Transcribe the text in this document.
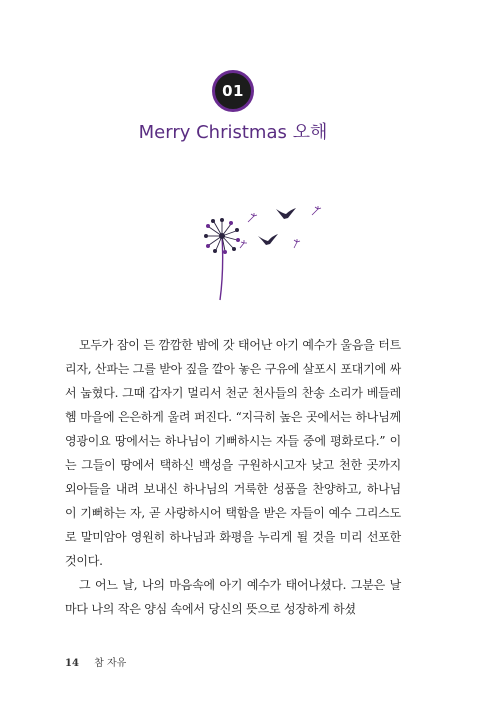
01
Merry Christmas 오해

모두가 잠이 든 깜깜한 밤에 갓 태어난 아기 예수가 울음을 터트리자, 산파는 그를 받아 짚을 깔아 놓은 구유에 살포시 포대기에 싸서 눕혔다. 그때 갑자기 멀리서 천군 천사들의 찬송 소리가 베들레헴 마을에 은은하게 울려 퍼진다. “지극히 높은 곳에서는 하나님께 영광이요 땅에서는 하나님이 기뻐하시는 자들 중에 평화로다.” 이는 그들이 땅에서 택하신 백성을 구원하시고자 낮고 천한 곳까지 외아들을 내려 보내신 하나님의 거룩한 성품을 찬양하고, 하나님이 기뻐하는 자, 곧 사랑하시어 택함을 받은 자들이 예수 그리스도로 말미암아 영원히 하나님과 화평을 누리게 될 것을 미리 선포한 것이다.

그 어느 날, 나의 마음속에 아기 예수가 태어나셨다. 그분은 날마다 나의 작은 양심 속에서 당신의 뜻으로 성장하게 하셨

14 참 자유
